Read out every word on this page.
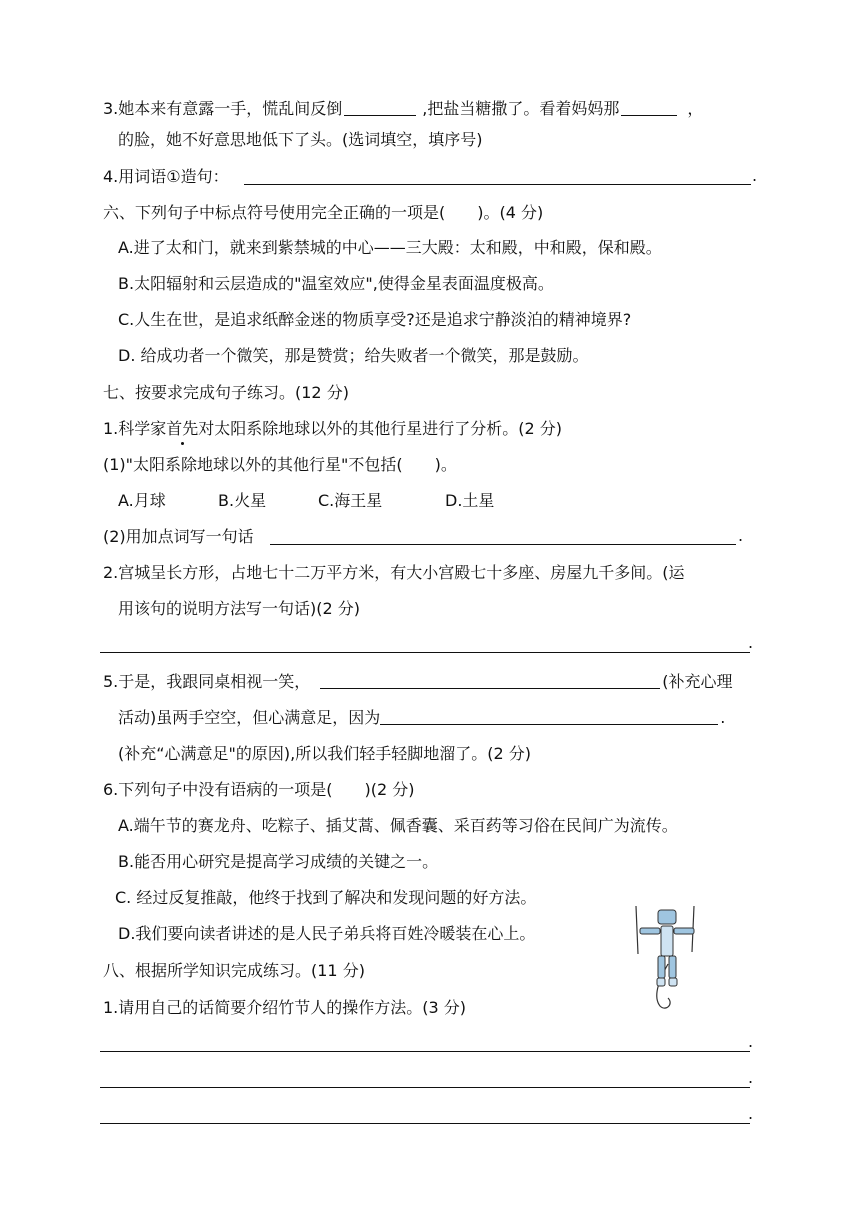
3.她本来有意露一手，慌乱间反倒	,把盐当糖撒了。看着妈妈那	，
的脸，她不好意思地低下了头。(选词填空，填序号)
4.用词语①造句：	.
六、下列句子中标点符号使用完全正确的一项是(　　)。(4 分)
A.进了太和门，就来到紫禁城的中心——三大殿：太和殿，中和殿，保和殿。
B.太阳辐射和云层造成的"温室效应",使得金星表面温度极高。
C.人生在世，是追求纸醉金迷的物质享受?还是追求宁静淡泊的精神境界?
D. 给成功者一个微笑，那是赞赏；给失败者一个微笑，那是鼓励。
七、按要求完成句子练习。(12 分)
1.科学家首先对太阳系除地球以外的其他行星进行了分析。(2 分)
(1)"太阳系除地球以外的其他行星"不包括(　　)。
A.月球	B.火星	C.海王星	D.土星
(2)用加点词写一句话	.
2.宫城呈长方形，占地七十二万平方米，有大小宫殿七十多座、房屋九千多间。(运
用该句的说明方法写一句话)(2 分)
.
5.于是，我跟同桌相视一笑，	(补充心理
活动)虽两手空空，但心满意足，因为	.
(补充“心满意足"的原因),所以我们轻手轻脚地溜了。(2 分)
6.下列句子中没有语病的一项是(　　)(2 分)
A.端午节的赛龙舟、吃粽子、插艾蒿、佩香囊、采百药等习俗在民间广为流传。
B.能否用心研究是提高学习成绩的关键之一。
C. 经过反复推敲，他终于找到了解决和发现问题的好方法。
D.我们要向读者讲述的是人民子弟兵将百姓冷暖装在心上。
八、根据所学知识完成练习。(11 分)
1.请用自己的话简要介绍竹节人的操作方法。(3 分)
.
.
.
